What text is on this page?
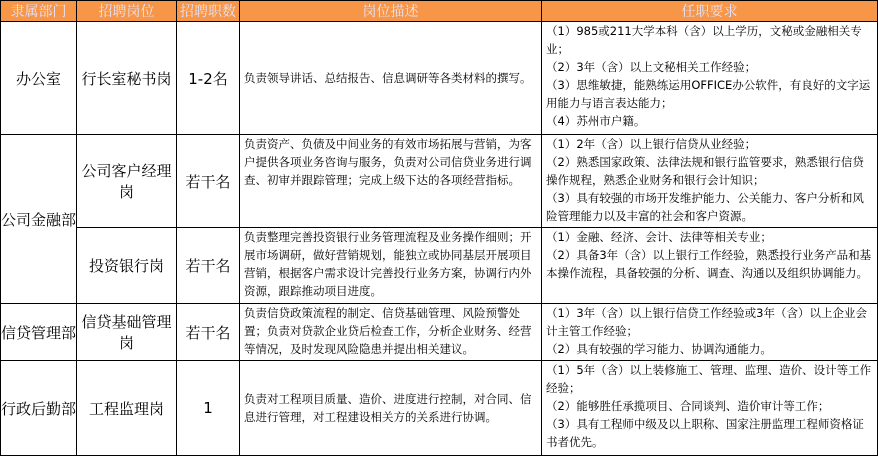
隶属部门	招聘岗位	招聘职数	岗位描述	任职要求
办公室	行长室秘书岗	1-2名	负责领导讲话、总结报告、信息调研等各类材料的撰写。	（1）985或211大学本科（含）以上学历，文秘或金融相关专业；
（2）3年（含）以上文秘相关工作经验；
（3）思维敏捷，能熟练运用OFFICE办公软件，有良好的文字运用能力与语言表达能力；
（4）苏州市户籍。

公司金融部	公司客户经理岗	若干名	负责资产、负债及中间业务的有效市场拓展与营销，为客户提供各项业务咨询与服务，负责对公司信贷业务进行调查、初审并跟踪管理；完成上级下达的各项经营指标。	（1）2年（含）以上银行信贷从业经验；
（2）熟悉国家政策、法律法规和银行监管要求，熟悉银行信贷操作规程，熟悉企业财务和银行会计知识；
（3）具有较强的市场开发维护能力、公关能力、客户分析和风险管理能力以及丰富的社会和客户资源。

	投资银行岗	若干名	负责整理完善投资银行业务管理流程及业务操作细则；开展市场调研，做好营销规划，能独立或协同基层开展项目营销，根据客户需求设计完善投行业务方案，协调行内外资源，跟踪推动项目进度。	（1）金融、经济、会计、法律等相关专业；
（2）具备3年（含）以上银行工作经验，熟悉投行业务产品和基本操作流程，具备较强的分析、调查、沟通以及组织协调能力。

信贷管理部	信贷基础管理岗	若干名	负责信贷政策流程的制定、信贷基础管理、风险预警处置；负责对贷款企业贷后检查工作，分析企业财务、经营等情况，及时发现风险隐患并提出相关建议。	（1）3年（含）以上银行信贷工作经验或3年（含）以上企业会计主管工作经验；
（2）具有较强的学习能力、协调沟通能力。

行政后勤部	工程监理岗	1	负责对工程项目质量、造价、进度进行控制，对合同、信息进行管理，对工程建设相关方的关系进行协调。	（1）5年（含）以上装修施工、管理、监理、造价、设计等工作经验；
（2）能够胜任承揽项目、合同谈判、造价审计等工作；
（3）具有工程师中级及以上职称、国家注册监理工程师资格证书者优先。
